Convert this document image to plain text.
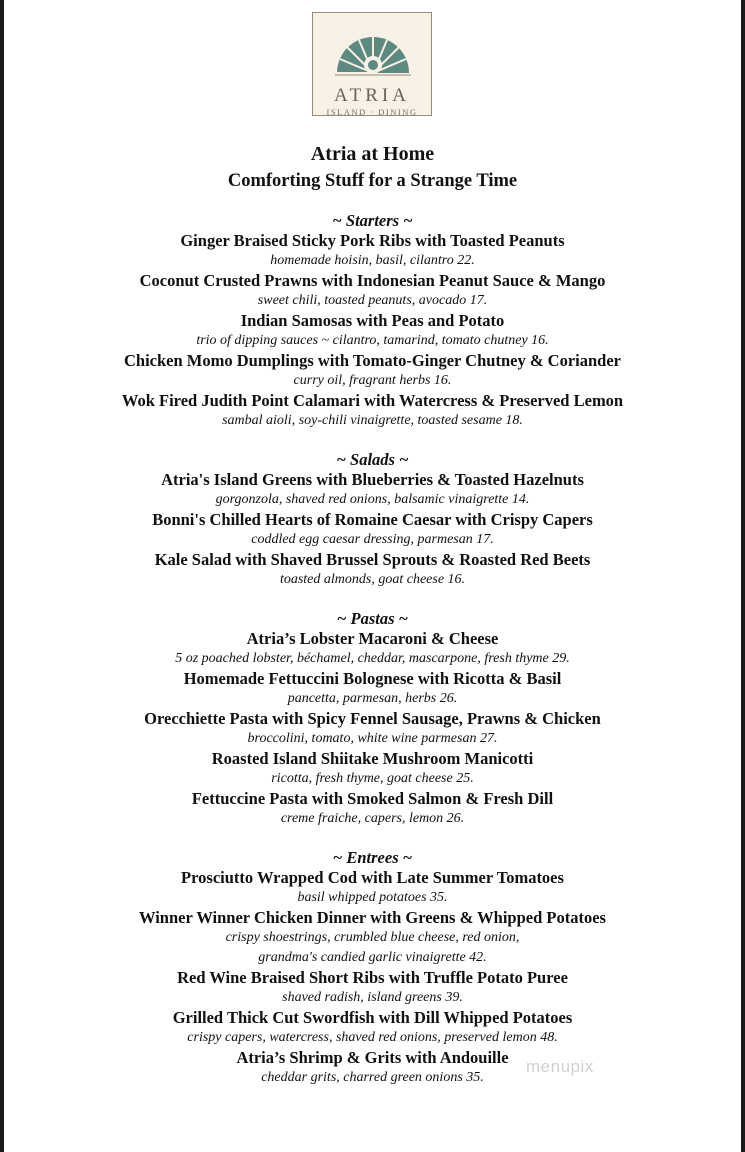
ATRIA
ISLAND · DINING
Atria at Home
Comforting Stuff for a Strange Time
~ Starters ~
Ginger Braised Sticky Pork Ribs with Toasted Peanuts
homemade hoisin, basil, cilantro 22.
Coconut Crusted Prawns with Indonesian Peanut Sauce & Mango
sweet chili, toasted peanuts, avocado 17.
Indian Samosas with Peas and Potato
trio of dipping sauces ~ cilantro, tamarind, tomato chutney 16.
Chicken Momo Dumplings with Tomato-Ginger Chutney & Coriander
curry oil, fragrant herbs 16.
Wok Fired Judith Point Calamari with Watercress & Preserved Lemon
sambal aioli, soy-chili vinaigrette, toasted sesame 18.
~ Salads ~
Atria's Island Greens with Blueberries & Toasted Hazelnuts
gorgonzola, shaved red onions, balsamic vinaigrette 14.
Bonni's Chilled Hearts of Romaine Caesar with Crispy Capers
coddled egg caesar dressing, parmesan 17.
Kale Salad with Shaved Brussel Sprouts & Roasted Red Beets
toasted almonds, goat cheese 16.
~ Pastas ~
Atria’s Lobster Macaroni & Cheese
5 oz poached lobster, béchamel, cheddar, mascarpone, fresh thyme 29.
Homemade Fettuccini Bolognese with Ricotta & Basil
pancetta, parmesan, herbs 26.
Orecchiette Pasta with Spicy Fennel Sausage, Prawns & Chicken
broccolini, tomato, white wine parmesan 27.
Roasted Island Shiitake Mushroom Manicotti
ricotta, fresh thyme, goat cheese 25.
Fettuccine Pasta with Smoked Salmon & Fresh Dill
creme fraiche, capers, lemon 26.
~ Entrees ~
Prosciutto Wrapped Cod with Late Summer Tomatoes
basil whipped potatoes 35.
Winner Winner Chicken Dinner with Greens & Whipped Potatoes
crispy shoestrings, crumbled blue cheese, red onion,
grandma's candied garlic vinaigrette 42.
Red Wine Braised Short Ribs with Truffle Potato Puree
shaved radish, island greens 39.
Grilled Thick Cut Swordfish with Dill Whipped Potatoes
crispy capers, watercress, shaved red onions, preserved lemon 48.
Atria’s Shrimp & Grits with Andouille
cheddar grits, charred green onions 35.
menupix
